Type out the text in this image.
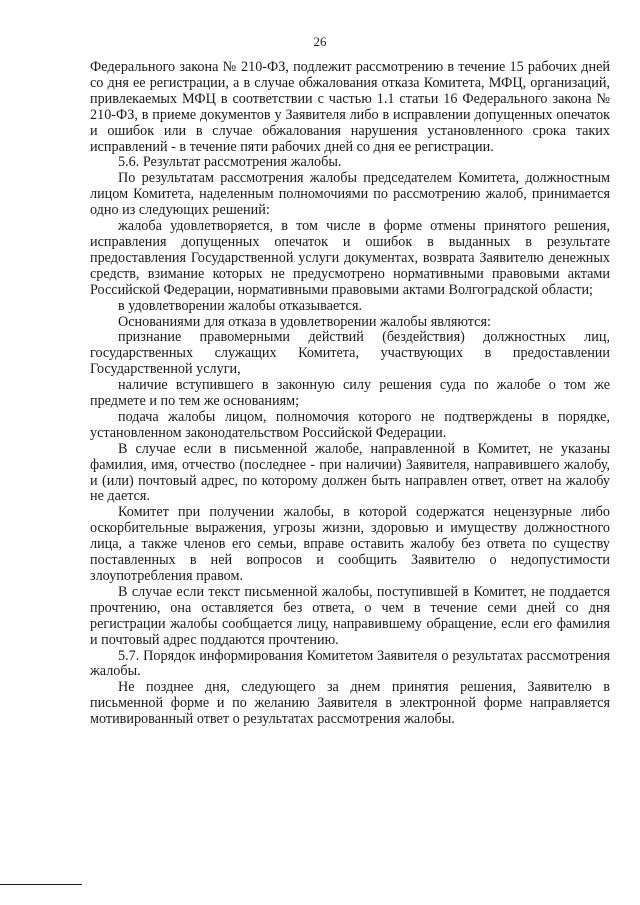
26

Федерального закона № 210-ФЗ, подлежит рассмотрению в течение 15 рабочих дней со дня ее регистрации, а в случае обжалования отказа Комитета, МФЦ, организаций, привлекаемых МФЦ в соответствии с частью 1.1 статьи 16 Федерального закона № 210-ФЗ, в приеме документов у Заявителя либо в исправлении допущенных опечаток и ошибок или в случае обжалования нарушения установленного срока таких исправлений - в течение пяти рабочих дней со дня ее регистрации.

5.6. Результат рассмотрения жалобы.

По результатам рассмотрения жалобы председателем Комитета, должностным лицом Комитета, наделенным полномочиями по рассмотрению жалоб, принимается одно из следующих решений:

жалоба удовлетворяется, в том числе в форме отмены принятого решения, исправления допущенных опечаток и ошибок в выданных в результате предоставления Государственной услуги документах, возврата Заявителю денежных средств, взимание которых не предусмотрено нормативными правовыми актами Российской Федерации, нормативными правовыми актами Волгоградской области;

в удовлетворении жалобы отказывается.

Основаниями для отказа в удовлетворении жалобы являются:

признание правомерными действий (бездействия) должностных лиц, государственных служащих Комитета, участвующих в предоставлении Государственной услуги,

наличие вступившего в законную силу решения суда по жалобе о том же предмете и по тем же основаниям;

подача жалобы лицом, полномочия которого не подтверждены в порядке, установленном законодательством Российской Федерации.

В случае если в письменной жалобе, направленной в Комитет, не указаны фамилия, имя, отчество (последнее - при наличии) Заявителя, направившего жалобу, и (или) почтовый адрес, по которому должен быть направлен ответ, ответ на жалобу не дается.

Комитет при получении жалобы, в которой содержатся нецензурные либо оскорбительные выражения, угрозы жизни, здоровью и имуществу должностного лица, а также членов его семьи, вправе оставить жалобу без ответа по существу поставленных в ней вопросов и сообщить Заявителю о недопустимости злоупотребления правом.

В случае если текст письменной жалобы, поступившей в Комитет, не поддается прочтению, она оставляется без ответа, о чем в течение семи дней со дня регистрации жалобы сообщается лицу, направившему обращение, если его фамилия и почтовый адрес поддаются прочтению.

5.7. Порядок информирования Комитетом Заявителя о результатах рассмотрения жалобы.

Не позднее дня, следующего за днем принятия решения, Заявителю в письменной форме и по желанию Заявителя в электронной форме направляется мотивированный ответ о результатах рассмотрения жалобы.
